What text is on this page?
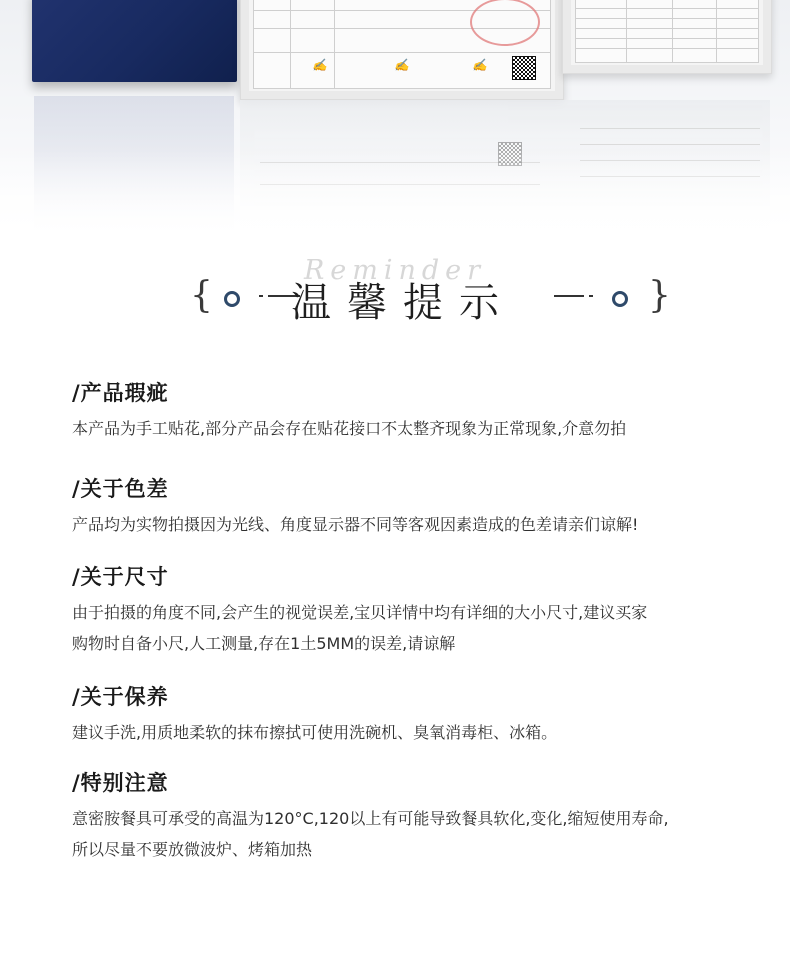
✍	✍	✍
Reminder
{	温馨提示	}
/产品瑕疵

本产品为手工贴花,部分产品会存在贴花接口不太整齐现象为正常现象,介意勿拍

/关于色差

产品均为实物拍摄因为光线、角度显示器不同等客观因素造成的色差请亲们谅解!

/关于尺寸

由于拍摄的角度不同,会产生的视觉误差,宝贝详情中均有详细的大小尺寸,建议买家
购物时自备小尺,人工测量,存在1土5MM的误差,请谅解

/关于保养

建议手洗,用质地柔软的抹布擦拭可使用洗碗机、臭氧消毒柜、冰箱。

/特别注意

意密胺餐具可承受的高温为120°C,120以上有可能导致餐具软化,变化,缩短使用寿命,
所以尽量不要放微波炉、烤箱加热
